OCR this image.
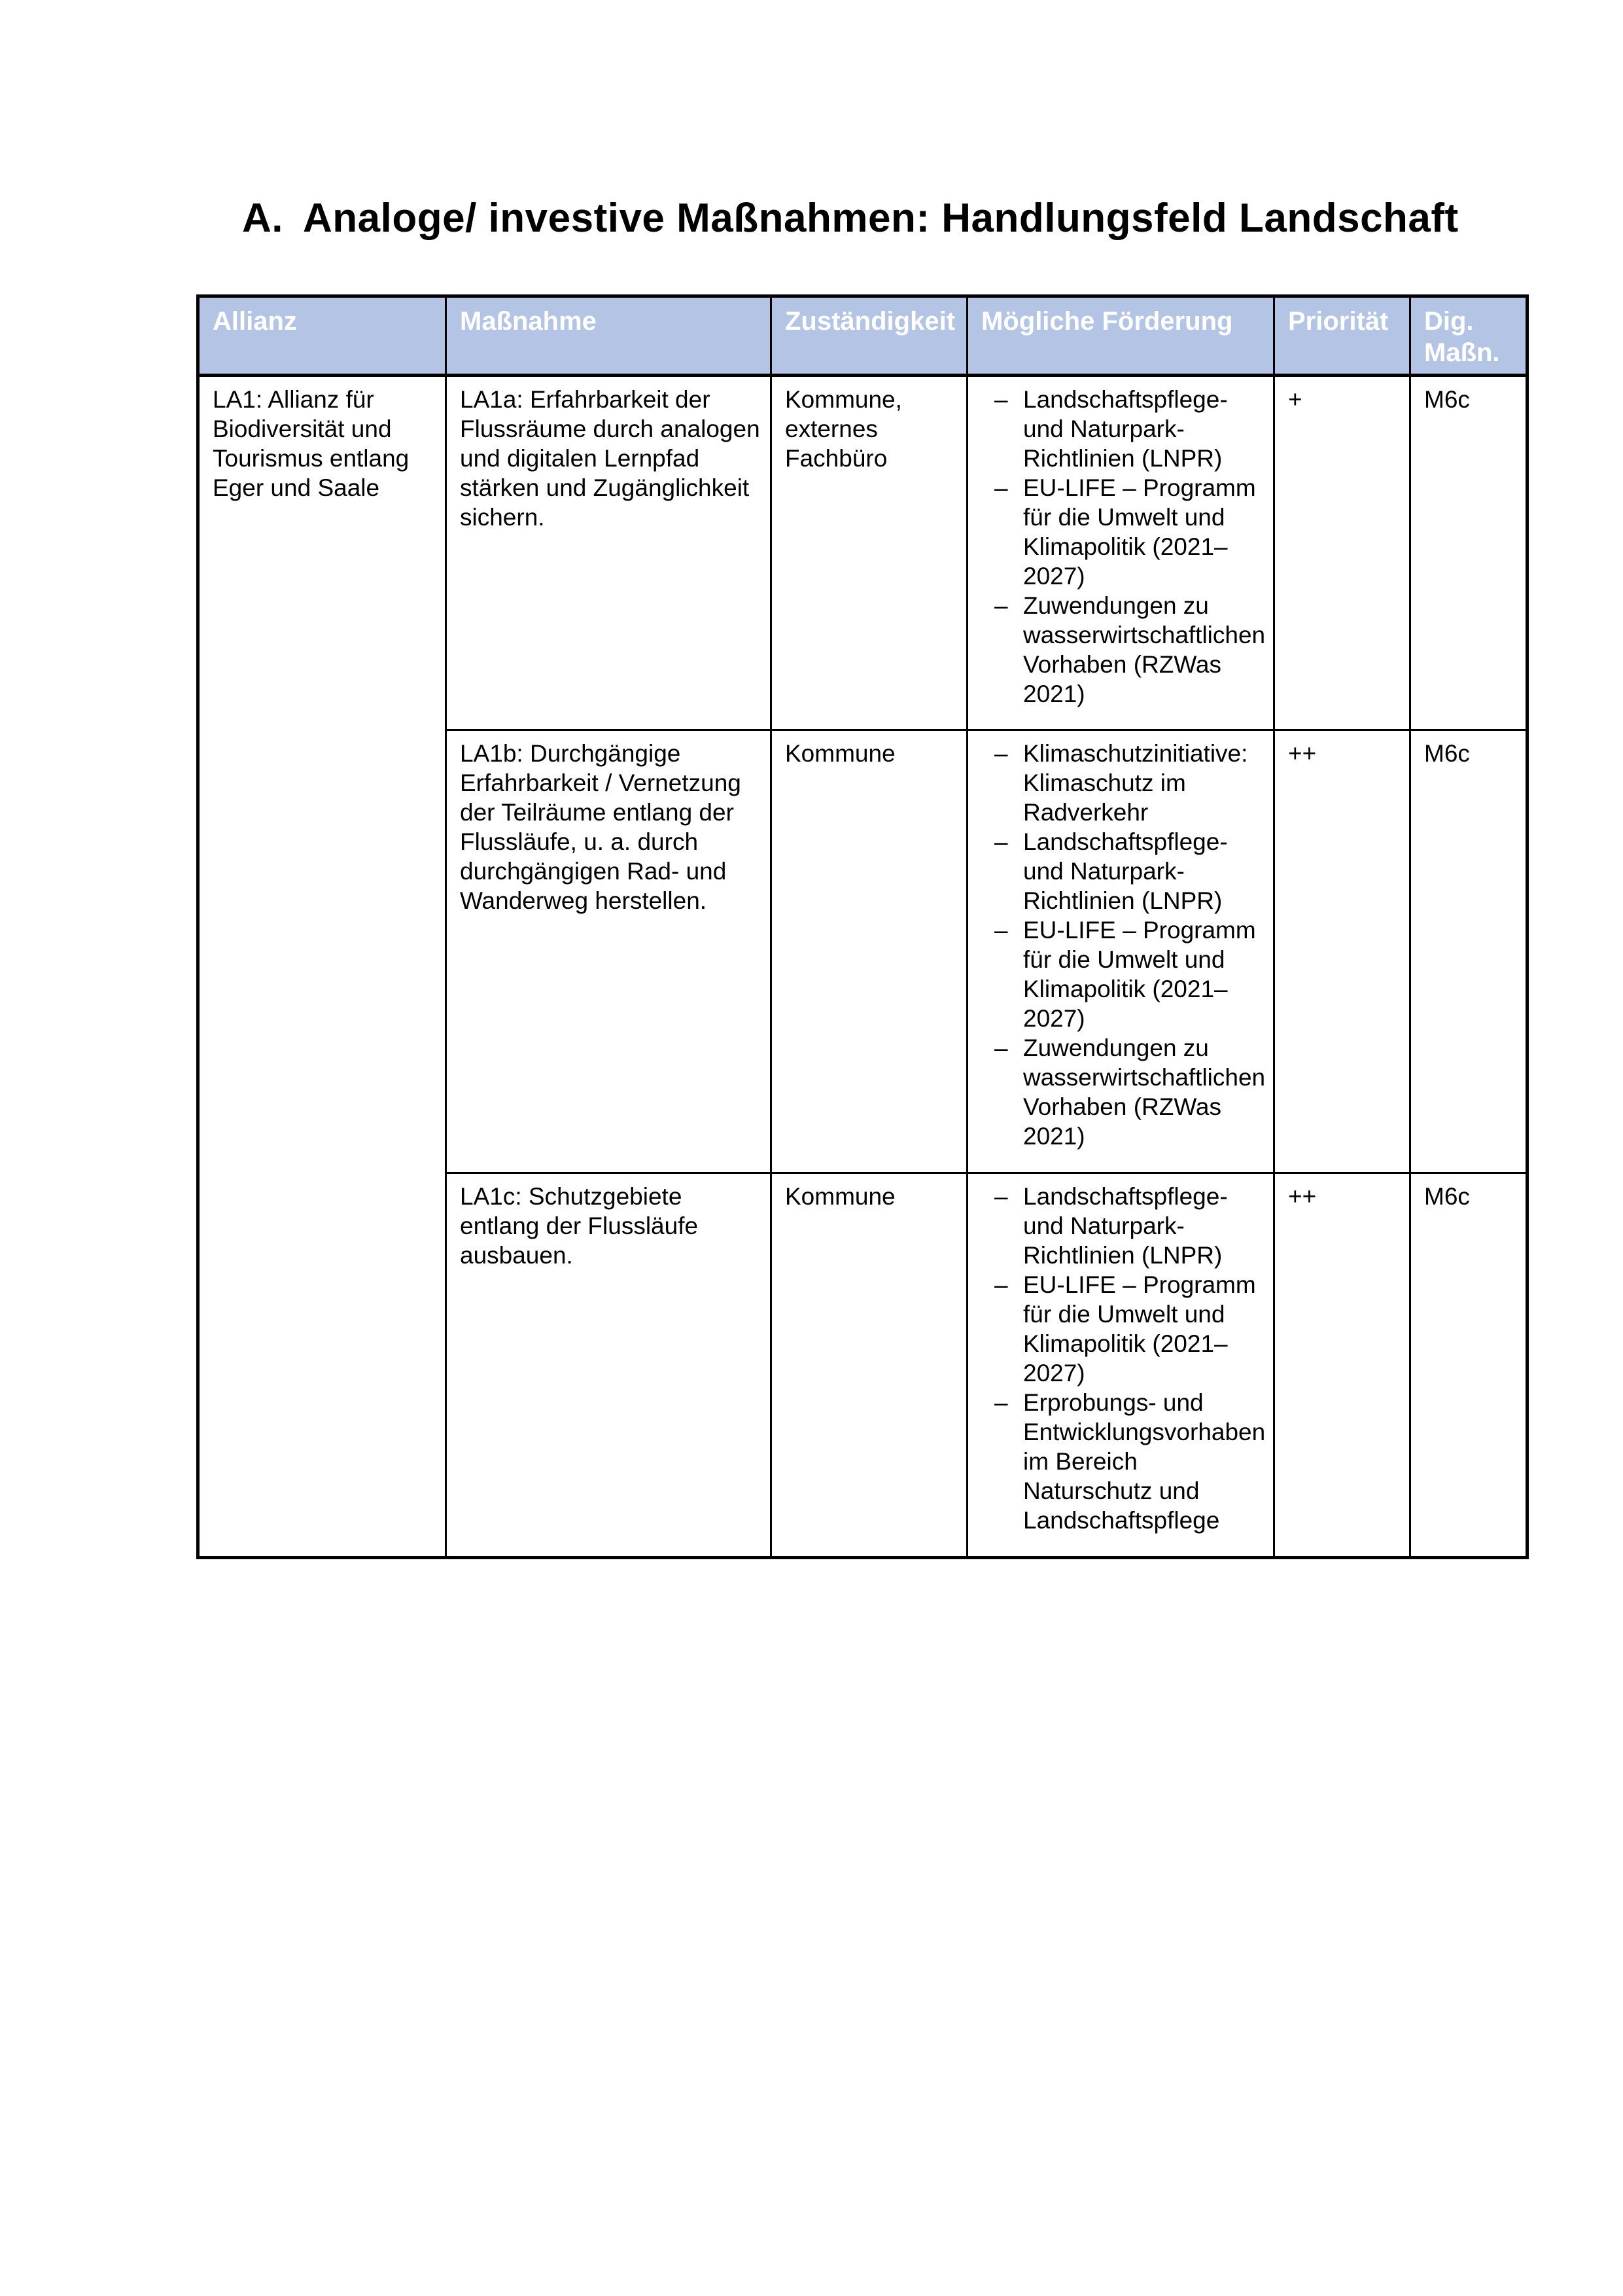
A. Analoge/ investive Maßnahmen: Handlungsfeld Landschaft
Allianz	Maßnahme	Zuständigkeit	Mögliche Förderung	Priorität	Dig. Maßn.
LA1: Allianz für Biodiversität und Tourismus entlang Eger und Saale	LA1a: Erfahrbarkeit der Flussräume durch analogen und digitalen Lernpfad stärken und Zugänglichkeit sichern.	Kommune, externes Fachbüro	– Landschaftspflege- und Naturpark-Richtlinien (LNPR)
– EU-LIFE – Programm für die Umwelt und Klimapolitik (2021–2027)
– Zuwendungen zu wasserwirtschaftlichen Vorhaben (RZWas 2021)	+	M6c
	LA1b: Durchgängige Erfahrbarkeit / Vernetzung der Teilräume entlang der Flussläufe, u. a. durch durchgängigen Rad- und Wanderweg herstellen.	Kommune	– Klimaschutzinitiative: Klimaschutz im Radverkehr
– Landschaftspflege- und Naturpark-Richtlinien (LNPR)
– EU-LIFE – Programm für die Umwelt und Klimapolitik (2021–2027)
– Zuwendungen zu wasserwirtschaftlichen Vorhaben (RZWas 2021)	++	M6c
	LA1c: Schutzgebiete entlang der Flussläufe ausbauen.	Kommune	– Landschaftspflege- und Naturpark-Richtlinien (LNPR)
– EU-LIFE – Programm für die Umwelt und Klimapolitik (2021–2027)
– Erprobungs- und Entwicklungsvorhaben im Bereich Naturschutz und Landschaftspflege	++	M6c
